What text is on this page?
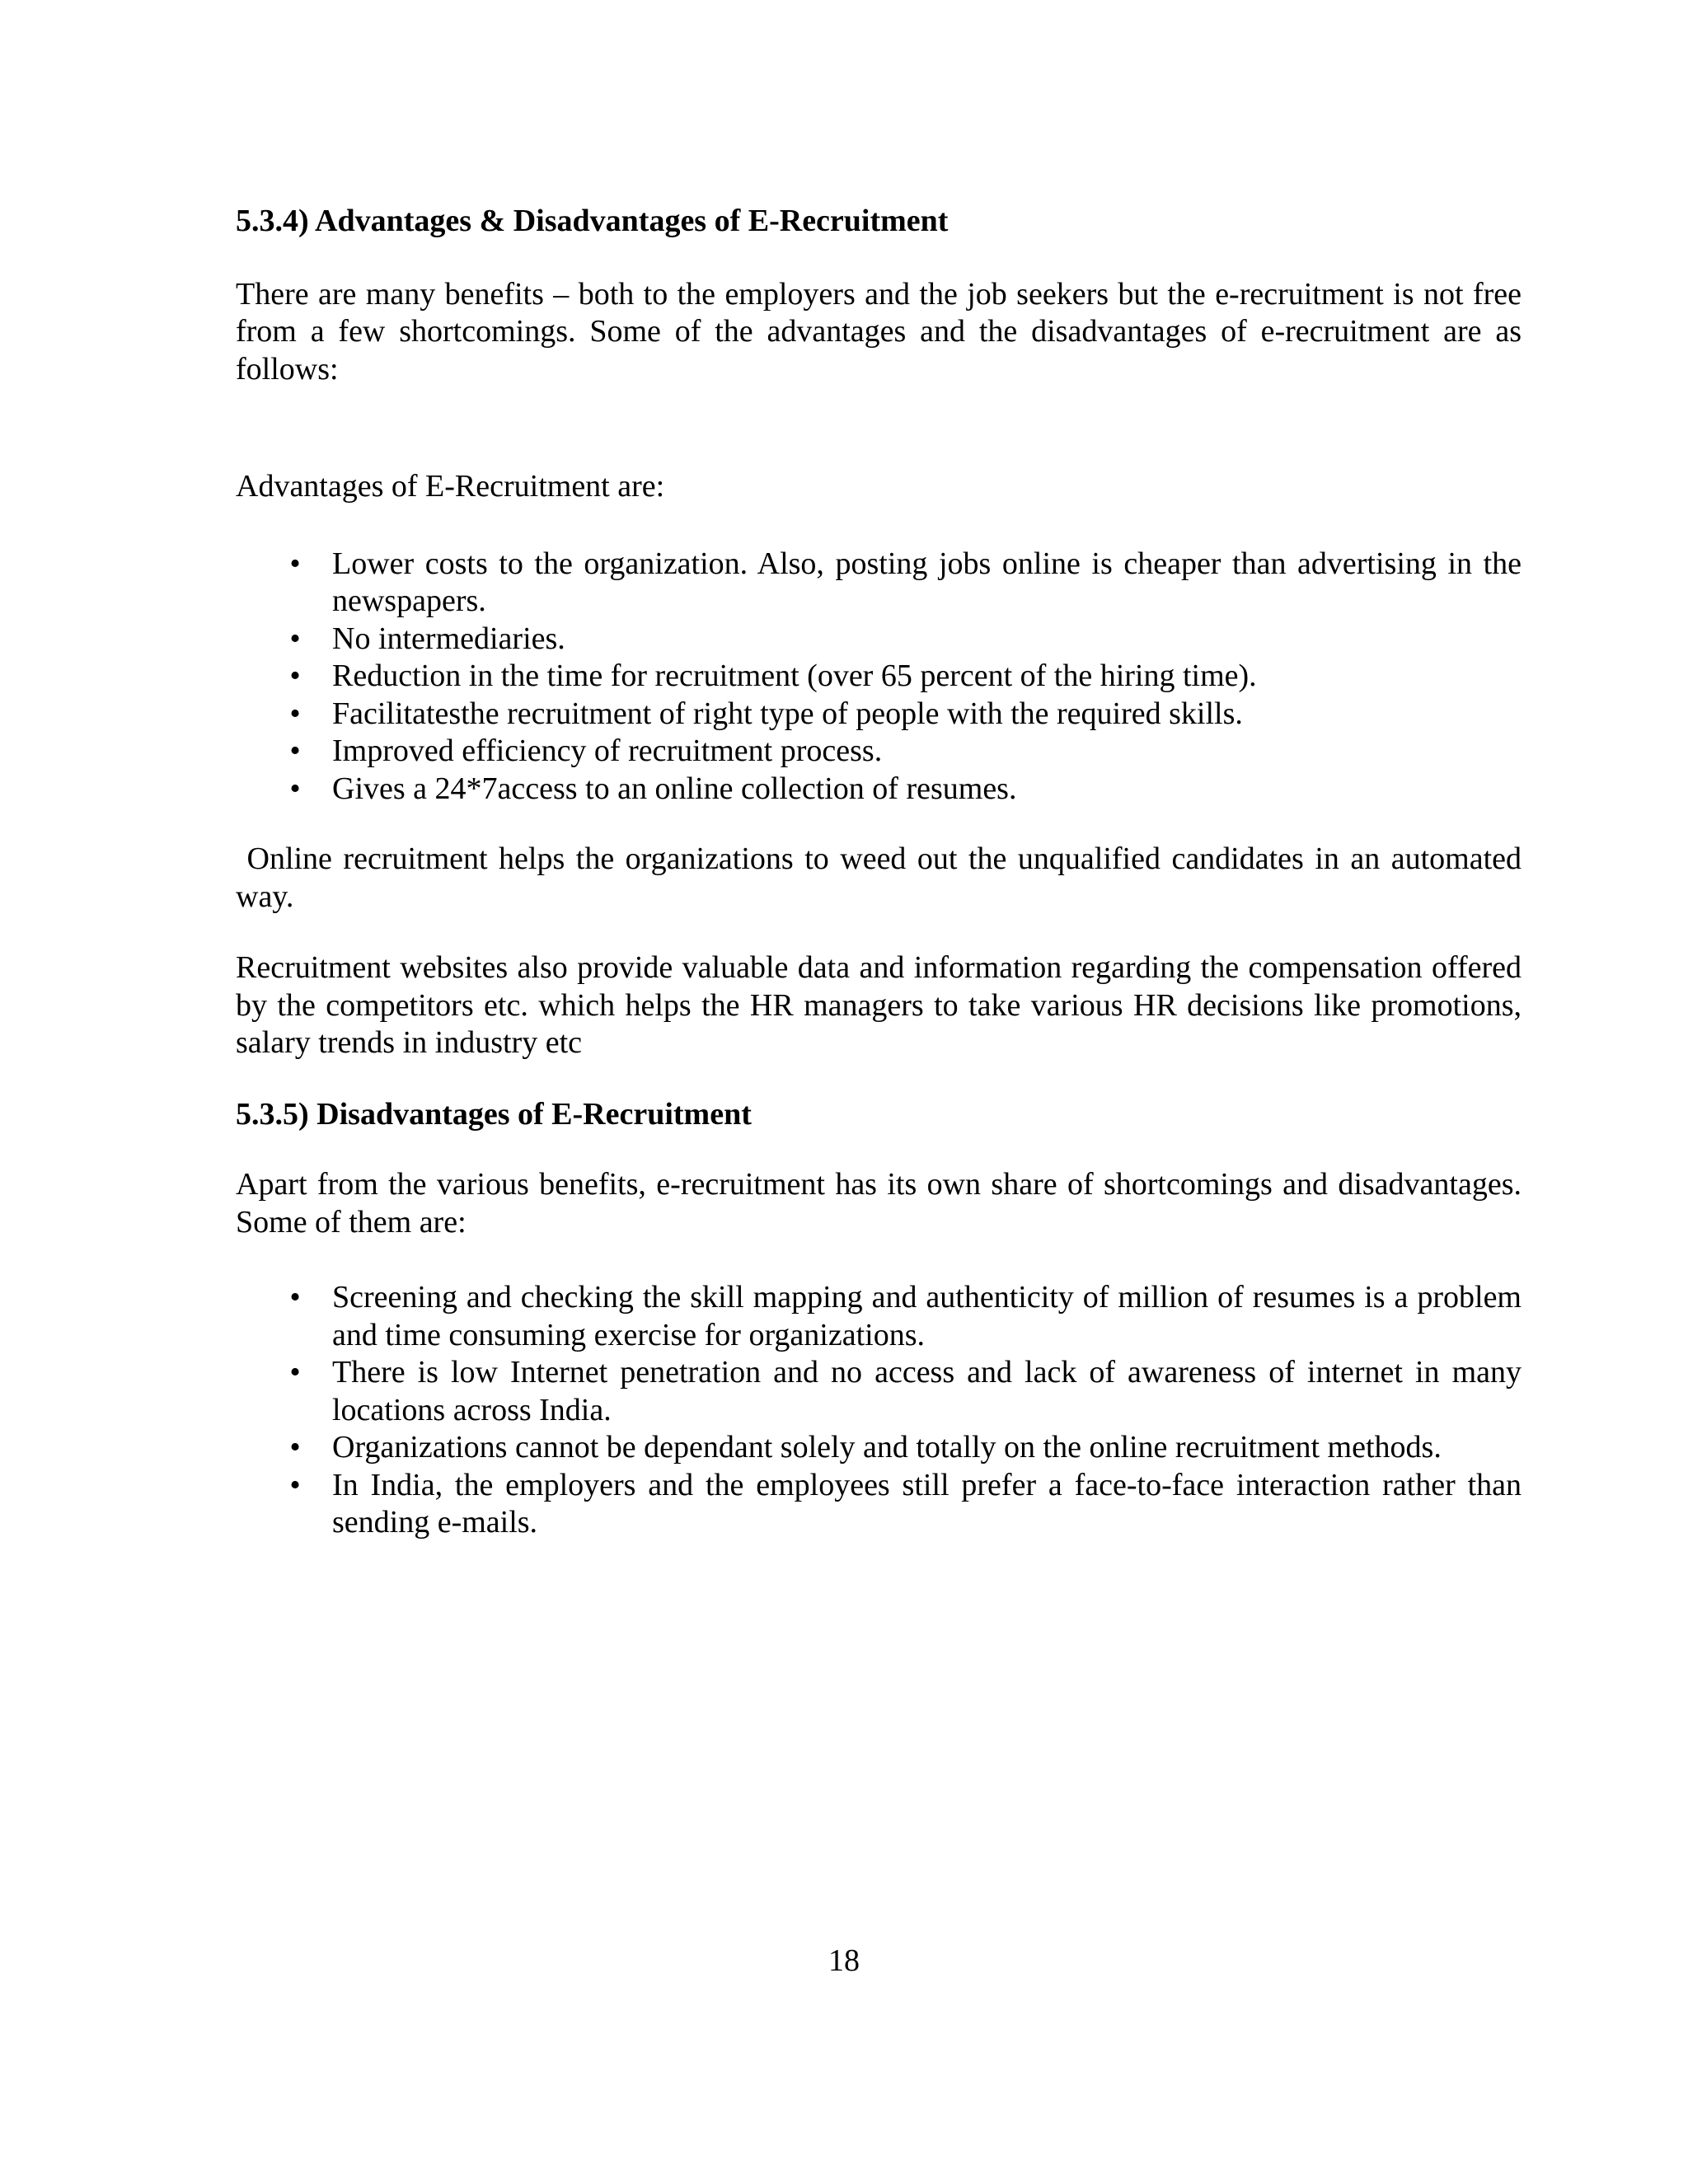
5.3.4) Advantages & Disadvantages of E-Recruitment

There are many benefits – both to the employers and the job seekers but the e-recruitment is not free from a few shortcomings. Some of the advantages and the disadvantages of e-recruitment are as follows:

Advantages of E-Recruitment are:

• Lower costs to the organization. Also, posting jobs online is cheaper than advertising in the newspapers.
• No intermediaries.
• Reduction in the time for recruitment (over 65 percent of the hiring time).
• Facilitatesthe recruitment of right type of people with the required skills.
• Improved efficiency of recruitment process.
• Gives a 24*7access to an online collection of resumes.

Online recruitment helps the organizations to weed out the unqualified candidates in an automated way.

Recruitment websites also provide valuable data and information regarding the compensation offered by the competitors etc. which helps the HR managers to take various HR decisions like promotions, salary trends in industry etc

5.3.5) Disadvantages of E-Recruitment

Apart from the various benefits, e-recruitment has its own share of shortcomings and disadvantages. Some of them are:

• Screening and checking the skill mapping and authenticity of million of resumes is a problem and time consuming exercise for organizations.
• There is low Internet penetration and no access and lack of awareness of internet in many locations across India.
• Organizations cannot be dependant solely and totally on the online recruitment methods.
• In India, the employers and the employees still prefer a face-to-face interaction rather than sending e-mails.
18
